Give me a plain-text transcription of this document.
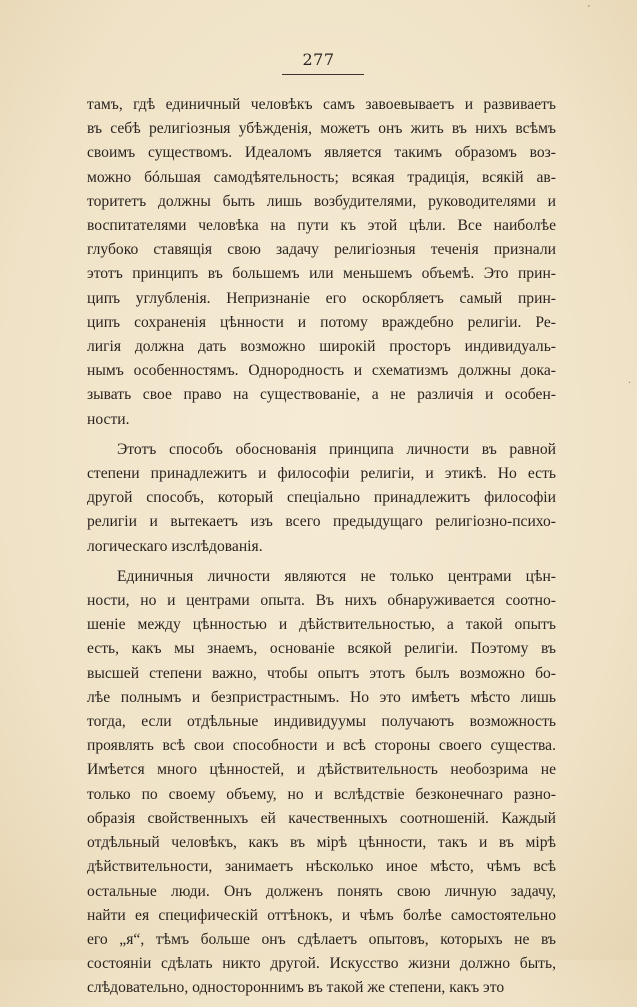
ˊ
277
тамъ, гдѣ единичный человѣкъ самъ завоевываетъ и развиваетъ
въ себѣ религіозныя убѣжденія, можетъ онъ жить въ нихъ всѣмъ
своимъ существомъ. Идеаломъ является такимъ образомъ воз-
можно бóльшая самодѣятельность; всякая традиція, всякій ав-
торитетъ должны быть лишь возбудителями, руководителями и
воспитателями человѣка на пути къ этой цѣли. Все наиболѣе
глубоко ставящія свою задачу религіозныя теченія признали
этотъ принципъ въ большемъ или меньшемъ объемѣ. Это прин-
ципъ углубленія. Непризнаніе его оскорбляетъ самый прин-
ципъ сохраненія цѣнности и потому враждебно религіи. Ре-
лигія должна дать возможно широкій просторъ индивидуаль-
нымъ особенностямъ. Однородность и схематизмъ должны дока-
зывать свое право на существованіе, а не различія и особен-
ности.
Этотъ способъ обоснованія принципа личности въ равной
степени принадлежитъ и философіи религіи, и этикѣ. Но есть
другой способъ, который спеціально принадлежитъ философіи
религіи и вытекаетъ изъ всего предыдущаго религіозно-психо-
логическаго изслѣдованія.
Единичныя личности являются не только центрами цѣн-
ности, но и центрами опыта. Въ нихъ обнаруживается соотно-
шеніе между цѣнностью и дѣйствительностью, а такой опытъ
есть, какъ мы знаемъ, основаніе всякой религіи. Поэтому въ
высшей степени важно, чтобы опытъ этотъ былъ возможно бо-
лѣе полнымъ и безпристрастнымъ. Но это имѣетъ мѣсто лишь
тогда, если отдѣльные индивидуумы получаютъ возможность
проявлять всѣ свои способности и всѣ стороны своего существа.
Имѣется много цѣнностей, и дѣйствительность необозрима не
только по своему объему, но и вслѣдствіе безконечнаго разно-
образія свойственныхъ ей качественныхъ соотношеній. Каждый
отдѣльный человѣкъ, какъ въ мірѣ цѣнности, такъ и въ мірѣ
дѣйствительности, занимаетъ нѣсколько иное мѣсто, чѣмъ всѣ
остальные люди. Онъ долженъ понять свою личную задачу,
найти ея специфическій оттѣнокъ, и чѣмъ болѣе самостоятельно
его „я“, тѣмъ больше онъ сдѣлаетъ опытовъ, которыхъ не въ
состояніи сдѣлать никто другой. Искусство жизни должно быть,
слѣдовательно, одностороннимъ въ такой же степени, какъ это
·
